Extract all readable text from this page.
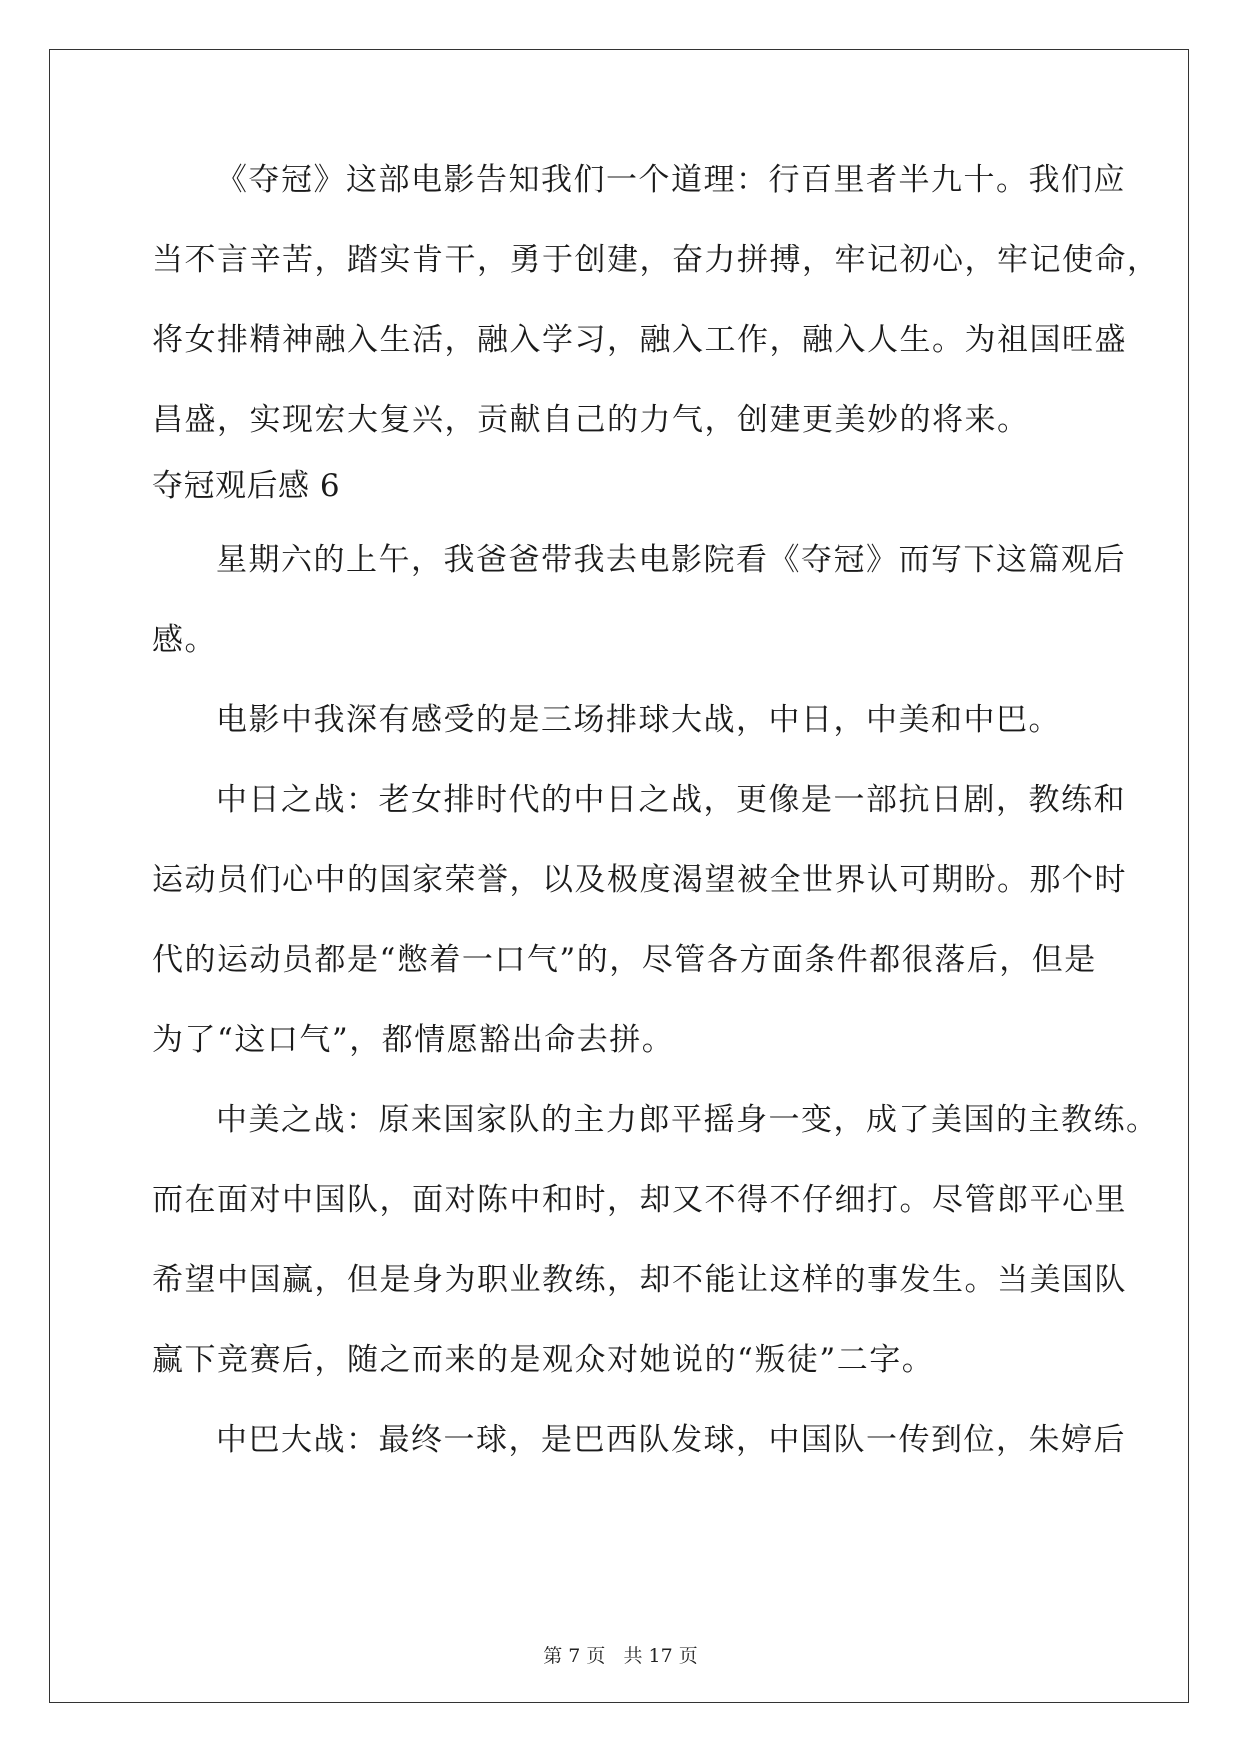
《夺冠》这部电影告知我们一个道理：行百里者半九十。我们应

当不言辛苦，踏实肯干，勇于创建，奋力拼搏，牢记初心，牢记使命，

将女排精神融入生活，融入学习，融入工作，融入人生。为祖国旺盛

昌盛，实现宏大复兴，贡献自己的力气，创建更美妙的将来。

夺冠观后感 6

星期六的上午，我爸爸带我去电影院看《夺冠》而写下这篇观后

感。

电影中我深有感受的是三场排球大战，中日，中美和中巴。

中日之战：老女排时代的中日之战，更像是一部抗日剧，教练和

运动员们心中的国家荣誉，以及极度渴望被全世界认可期盼。那个时

代的运动员都是“憋着一口气”的，尽管各方面条件都很落后，但是

为了“这口气”，都情愿豁出命去拼。

中美之战：原来国家队的主力郎平摇身一变，成了美国的主教练。

而在面对中国队，面对陈中和时，却又不得不仔细打。尽管郎平心里

希望中国赢，但是身为职业教练，却不能让这样的事发生。当美国队

赢下竞赛后，随之而来的是观众对她说的“叛徒”二字。

中巴大战：最终一球，是巴西队发球，中国队一传到位，朱婷后

第 7 页 共 17 页
